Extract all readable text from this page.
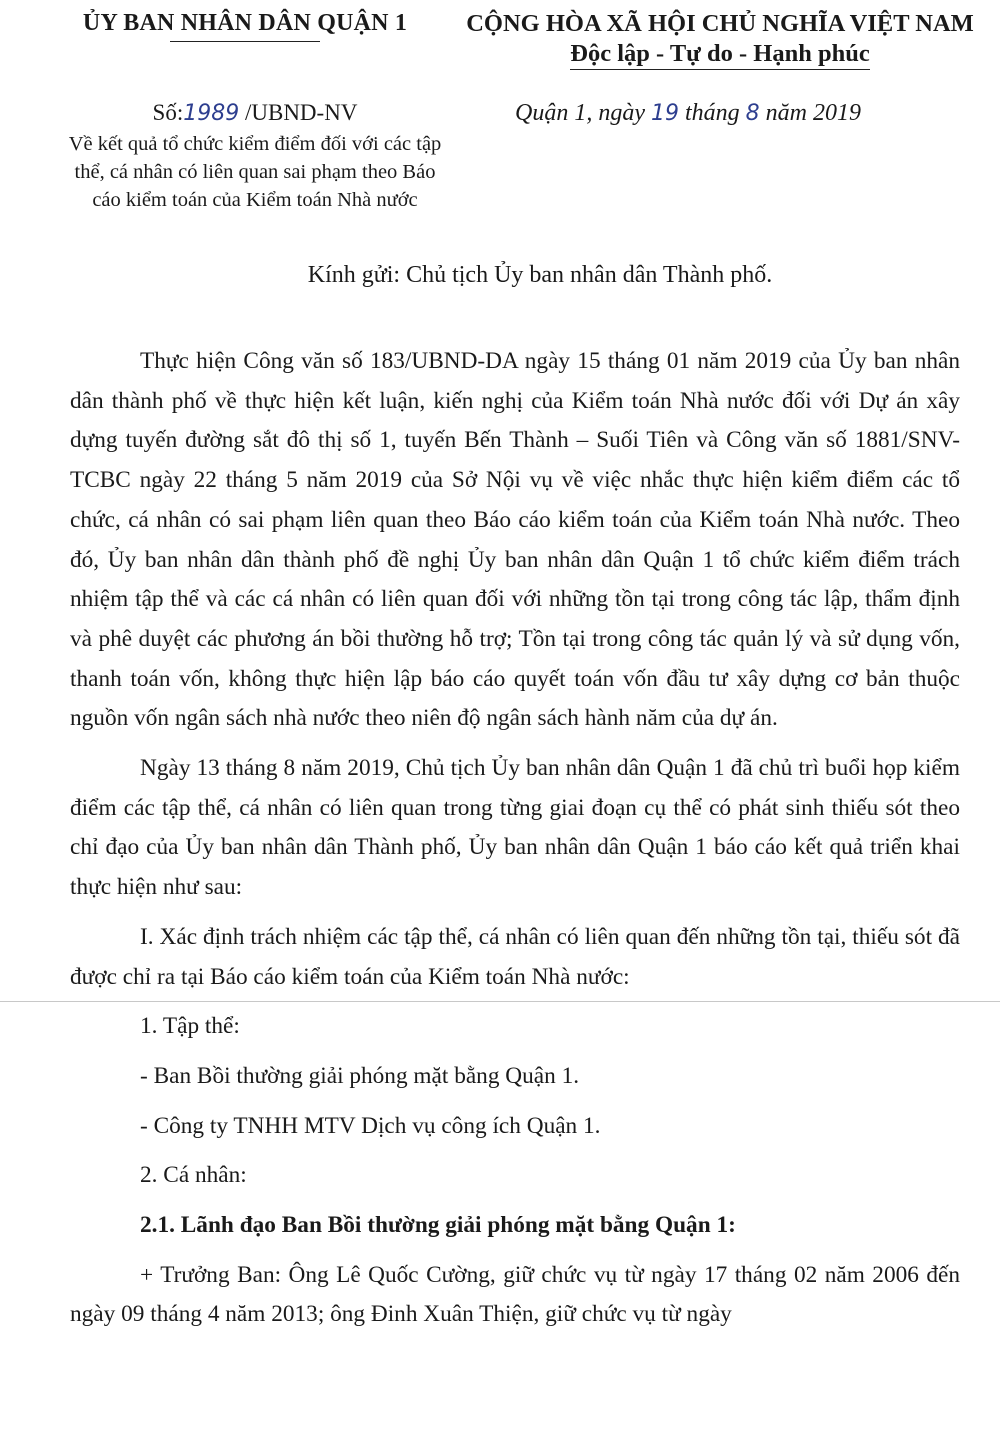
ỦY BAN NHÂN DÂN QUẬN 1	CỘNG HÒA XÃ HỘI CHỦ NGHĨA VIỆT NAM
Độc lập - Tự do - Hạnh phúc
Số:1989 /UBND-NV	Quận 1, ngày 19 tháng 8 năm 2019
Về kết quả tổ chức kiểm điểm đối với các tập thể, cá nhân có liên quan sai phạm theo Báo cáo kiểm toán của Kiểm toán Nhà nước
Kính gửi: Chủ tịch Ủy ban nhân dân Thành phố.

Thực hiện Công văn số 183/UBND-DA ngày 15 tháng 01 năm 2019 của Ủy ban nhân dân thành phố về thực hiện kết luận, kiến nghị của Kiểm toán Nhà nước đối với Dự án xây dựng tuyến đường sắt đô thị số 1, tuyến Bến Thành – Suối Tiên và Công văn số 1881/SNV-TCBC ngày 22 tháng 5 năm 2019 của Sở Nội vụ về việc nhắc thực hiện kiểm điểm các tổ chức, cá nhân có sai phạm liên quan theo Báo cáo kiểm toán của Kiểm toán Nhà nước. Theo đó, Ủy ban nhân dân thành phố đề nghị Ủy ban nhân dân Quận 1 tổ chức kiểm điểm trách nhiệm tập thể và các cá nhân có liên quan đối với những tồn tại trong công tác lập, thẩm định và phê duyệt các phương án bồi thường hỗ trợ; Tồn tại trong công tác quản lý và sử dụng vốn, thanh toán vốn, không thực hiện lập báo cáo quyết toán vốn đầu tư xây dựng cơ bản thuộc nguồn vốn ngân sách nhà nước theo niên độ ngân sách hành năm của dự án.

Ngày 13 tháng 8 năm 2019, Chủ tịch Ủy ban nhân dân Quận 1 đã chủ trì buổi họp kiểm điểm các tập thể, cá nhân có liên quan trong từng giai đoạn cụ thể có phát sinh thiếu sót theo chỉ đạo của Ủy ban nhân dân Thành phố, Ủy ban nhân dân Quận 1 báo cáo kết quả triển khai thực hiện như sau:

I. Xác định trách nhiệm các tập thể, cá nhân có liên quan đến những tồn tại, thiếu sót đã được chỉ ra tại Báo cáo kiểm toán của Kiểm toán Nhà nước:

1. Tập thể:
- Ban Bồi thường giải phóng mặt bằng Quận 1.
- Công ty TNHH MTV Dịch vụ công ích Quận 1.
2. Cá nhân:
2.1. Lãnh đạo Ban Bồi thường giải phóng mặt bằng Quận 1:

+ Trưởng Ban: Ông Lê Quốc Cường, giữ chức vụ từ ngày 17 tháng 02 năm 2006 đến ngày 09 tháng 4 năm 2013; ông Đinh Xuân Thiện, giữ chức vụ từ ngày
